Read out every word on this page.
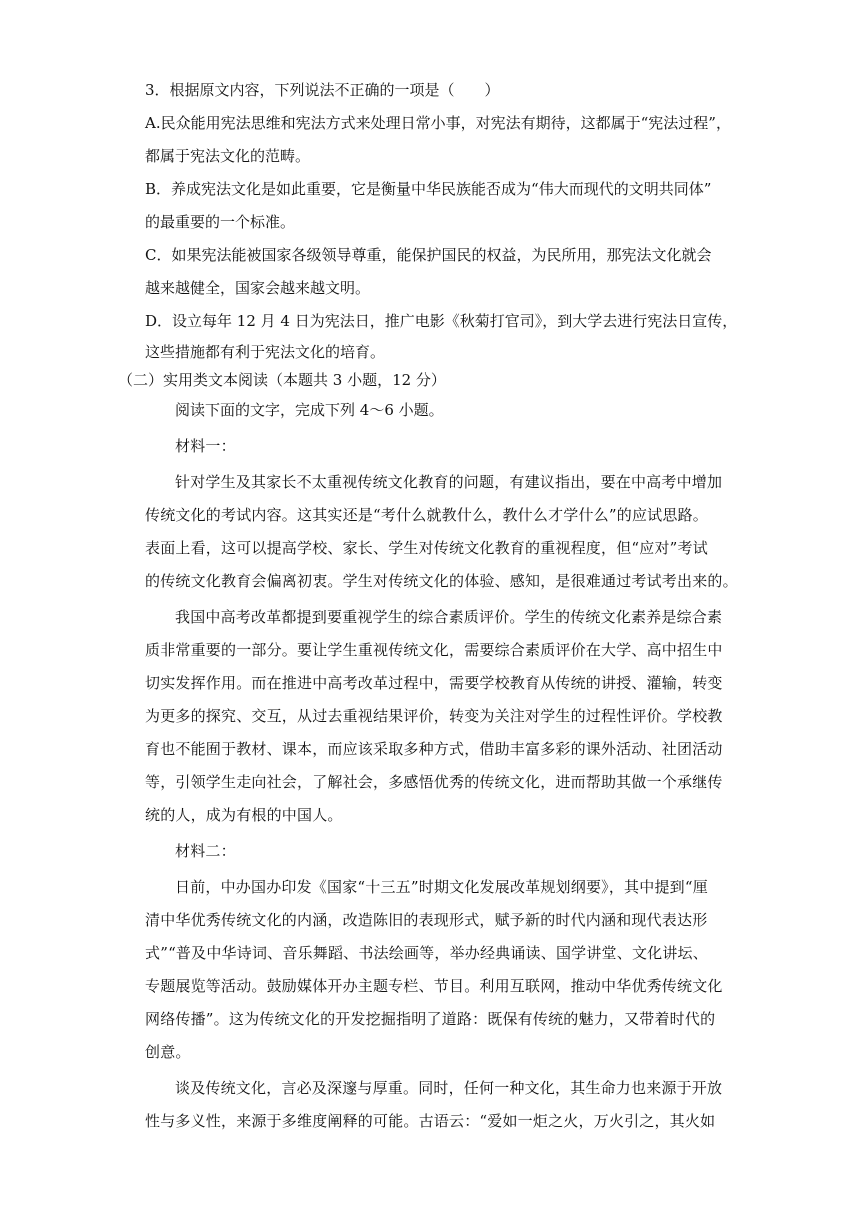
3．根据原文内容，下列说法不正确的一项是（　　）

A.民众能用宪法思维和宪法方式来处理日常小事，对宪法有期待，这都属于“宪法过程”，

都属于宪法文化的范畴。

B．养成宪法文化是如此重要，它是衡量中华民族能否成为“伟大而现代的文明共同体”

的最重要的一个标准。

C．如果宪法能被国家各级领导尊重，能保护国民的权益，为民所用，那宪法文化就会

越来越健全，国家会越来越文明。

D．设立每年 12 月 4 日为宪法日，推广电影《秋菊打官司》，到大学去进行宪法日宣传，

这些措施都有利于宪法文化的培育。

（二）实用类文本阅读（本题共 3 小题，12 分）

阅读下面的文字，完成下列 4～6 小题。

材料一：

针对学生及其家长不太重视传统文化教育的问题，有建议指出，要在中高考中增加

传统文化的考试内容。这其实还是“考什么就教什么，教什么才学什么”的应试思路。

表面上看，这可以提高学校、家长、学生对传统文化教育的重视程度，但“应对”考试

的传统文化教育会偏离初衷。学生对传统文化的体验、感知，是很难通过考试考出来的。

我国中高考改革都提到要重视学生的综合素质评价。学生的传统文化素养是综合素

质非常重要的一部分。要让学生重视传统文化，需要综合素质评价在大学、高中招生中

切实发挥作用。而在推进中高考改革过程中，需要学校教育从传统的讲授、灌输，转变

为更多的探究、交互，从过去重视结果评价，转变为关注对学生的过程性评价。学校教

育也不能囿于教材、课本，而应该采取多种方式，借助丰富多彩的课外活动、社团活动

等，引领学生走向社会，了解社会，多感悟优秀的传统文化，进而帮助其做一个承继传

统的人，成为有根的中国人。

材料二：

日前，中办国办印发《国家“十三五”时期文化发展改革规划纲要》，其中提到“厘

清中华优秀传统文化的内涵，改造陈旧的表现形式，赋予新的时代内涵和现代表达形

式”“普及中华诗词、音乐舞蹈、书法绘画等，举办经典诵读、国学讲堂、文化讲坛、

专题展览等活动。鼓励媒体开办主题专栏、节目。利用互联网，推动中华优秀传统文化

网络传播”。这为传统文化的开发挖掘指明了道路：既保有传统的魅力，又带着时代的

创意。

谈及传统文化，言必及深邃与厚重。同时，任何一种文化，其生命力也来源于开放

性与多义性，来源于多维度阐释的可能。古语云：“爱如一炬之火，万火引之，其火如
